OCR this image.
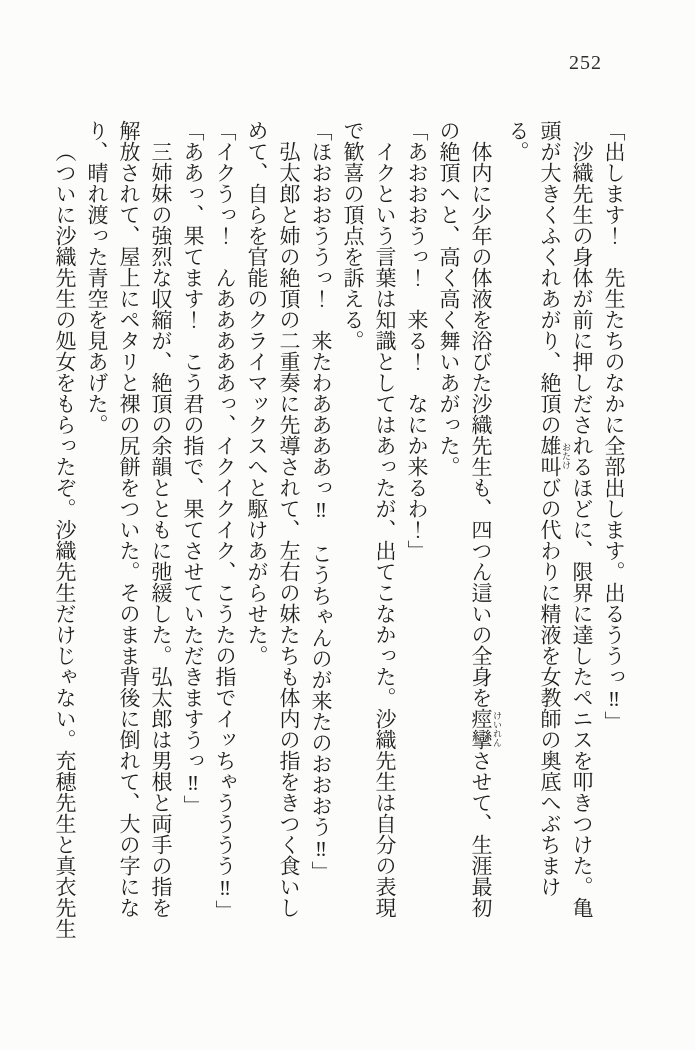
252

「出します！　先生たちのなかに全部出します。出るううっ‼」

沙織先生の身体が前に押しだされるほどに、限界に達したペニスを叩きつけた。亀頭が大きくふくれあがり、絶頂の雄叫 おたけびの代わりに精液を女教師の奥底へぶちまける。

体内に少年の体液を浴びた沙織先生も、四つん這いの全身を痙攣 けいれんさせて、生涯最初の絶頂へと、高く高く舞いあがった。

「あおおおうっ！　来る！　なにか来るわ！」

イクという言葉は知識としてはあったが、出てこなかった。沙織先生は自分の表現で歓喜の頂点を訴える。

「ほおおおううっ！　来たわああああっ‼　こうちゃんのが来たのおおおう‼」

弘太郎と姉の絶頂の二重奏に先導されて、左右の妹たちも体内の指をきつく食いしめて、自らを官能のクライマックスへと駆けあがらせた。

「イクうっ！　んあああああっ、イクイクイク、こうたの指でイッちゃうううう‼」

「ああっ、果てます！　こう君の指で、果てさせていただきますうっ‼」

三姉妹の強烈な収縮が、絶頂の余韻とともに弛緩した。弘太郎は男根と両手の指を解放されて、屋上にペタリと裸の尻餅をついた。そのまま背後に倒れて、大の字になり、晴れ渡った青空を見あげた。

（ついに沙織先生の処女をもらったぞ。沙織先生だけじゃない。充穂先生と真衣先生
